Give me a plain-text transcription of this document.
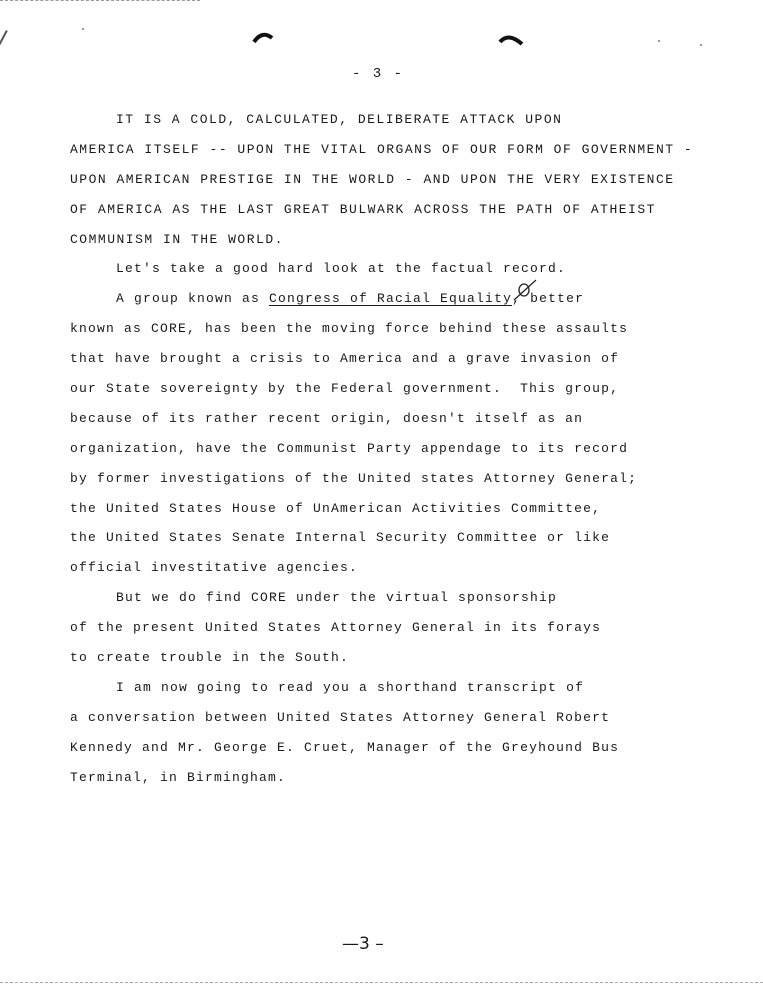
- 3 -
IT IS A COLD, CALCULATED, DELIBERATE ATTACK UPON
AMERICA ITSELF -- UPON THE VITAL ORGANS OF OUR FORM OF GOVERNMENT -
UPON AMERICAN PRESTIGE IN THE WORLD - AND UPON THE VERY EXISTENCE
OF AMERICA AS THE LAST GREAT BULWARK ACROSS THE PATH OF ATHEIST
COMMUNISM IN THE WORLD.
Let's take a good hard look at the factual record.
A group known as Congress of Racial Equality, better
known as CORE, has been the moving force behind these assaults
that have brought a crisis to America and a grave invasion of
our State sovereignty by the Federal government.  This group,
because of its rather recent origin, doesn't itself as an
organization, have the Communist Party appendage to its record
by former investigations of the United states Attorney General;
the United States House of UnAmerican Activities Committee,
the United States Senate Internal Security Committee or like
official investitative agencies.
But we do find CORE under the virtual sponsorship
of the present United States Attorney General in its forays
to create trouble in the South.
I am now going to read you a shorthand transcript of
a conversation between United States Attorney General Robert
Kennedy and Mr. George E. Cruet, Manager of the Greyhound Bus
Terminal, in Birmingham.
—3 –
